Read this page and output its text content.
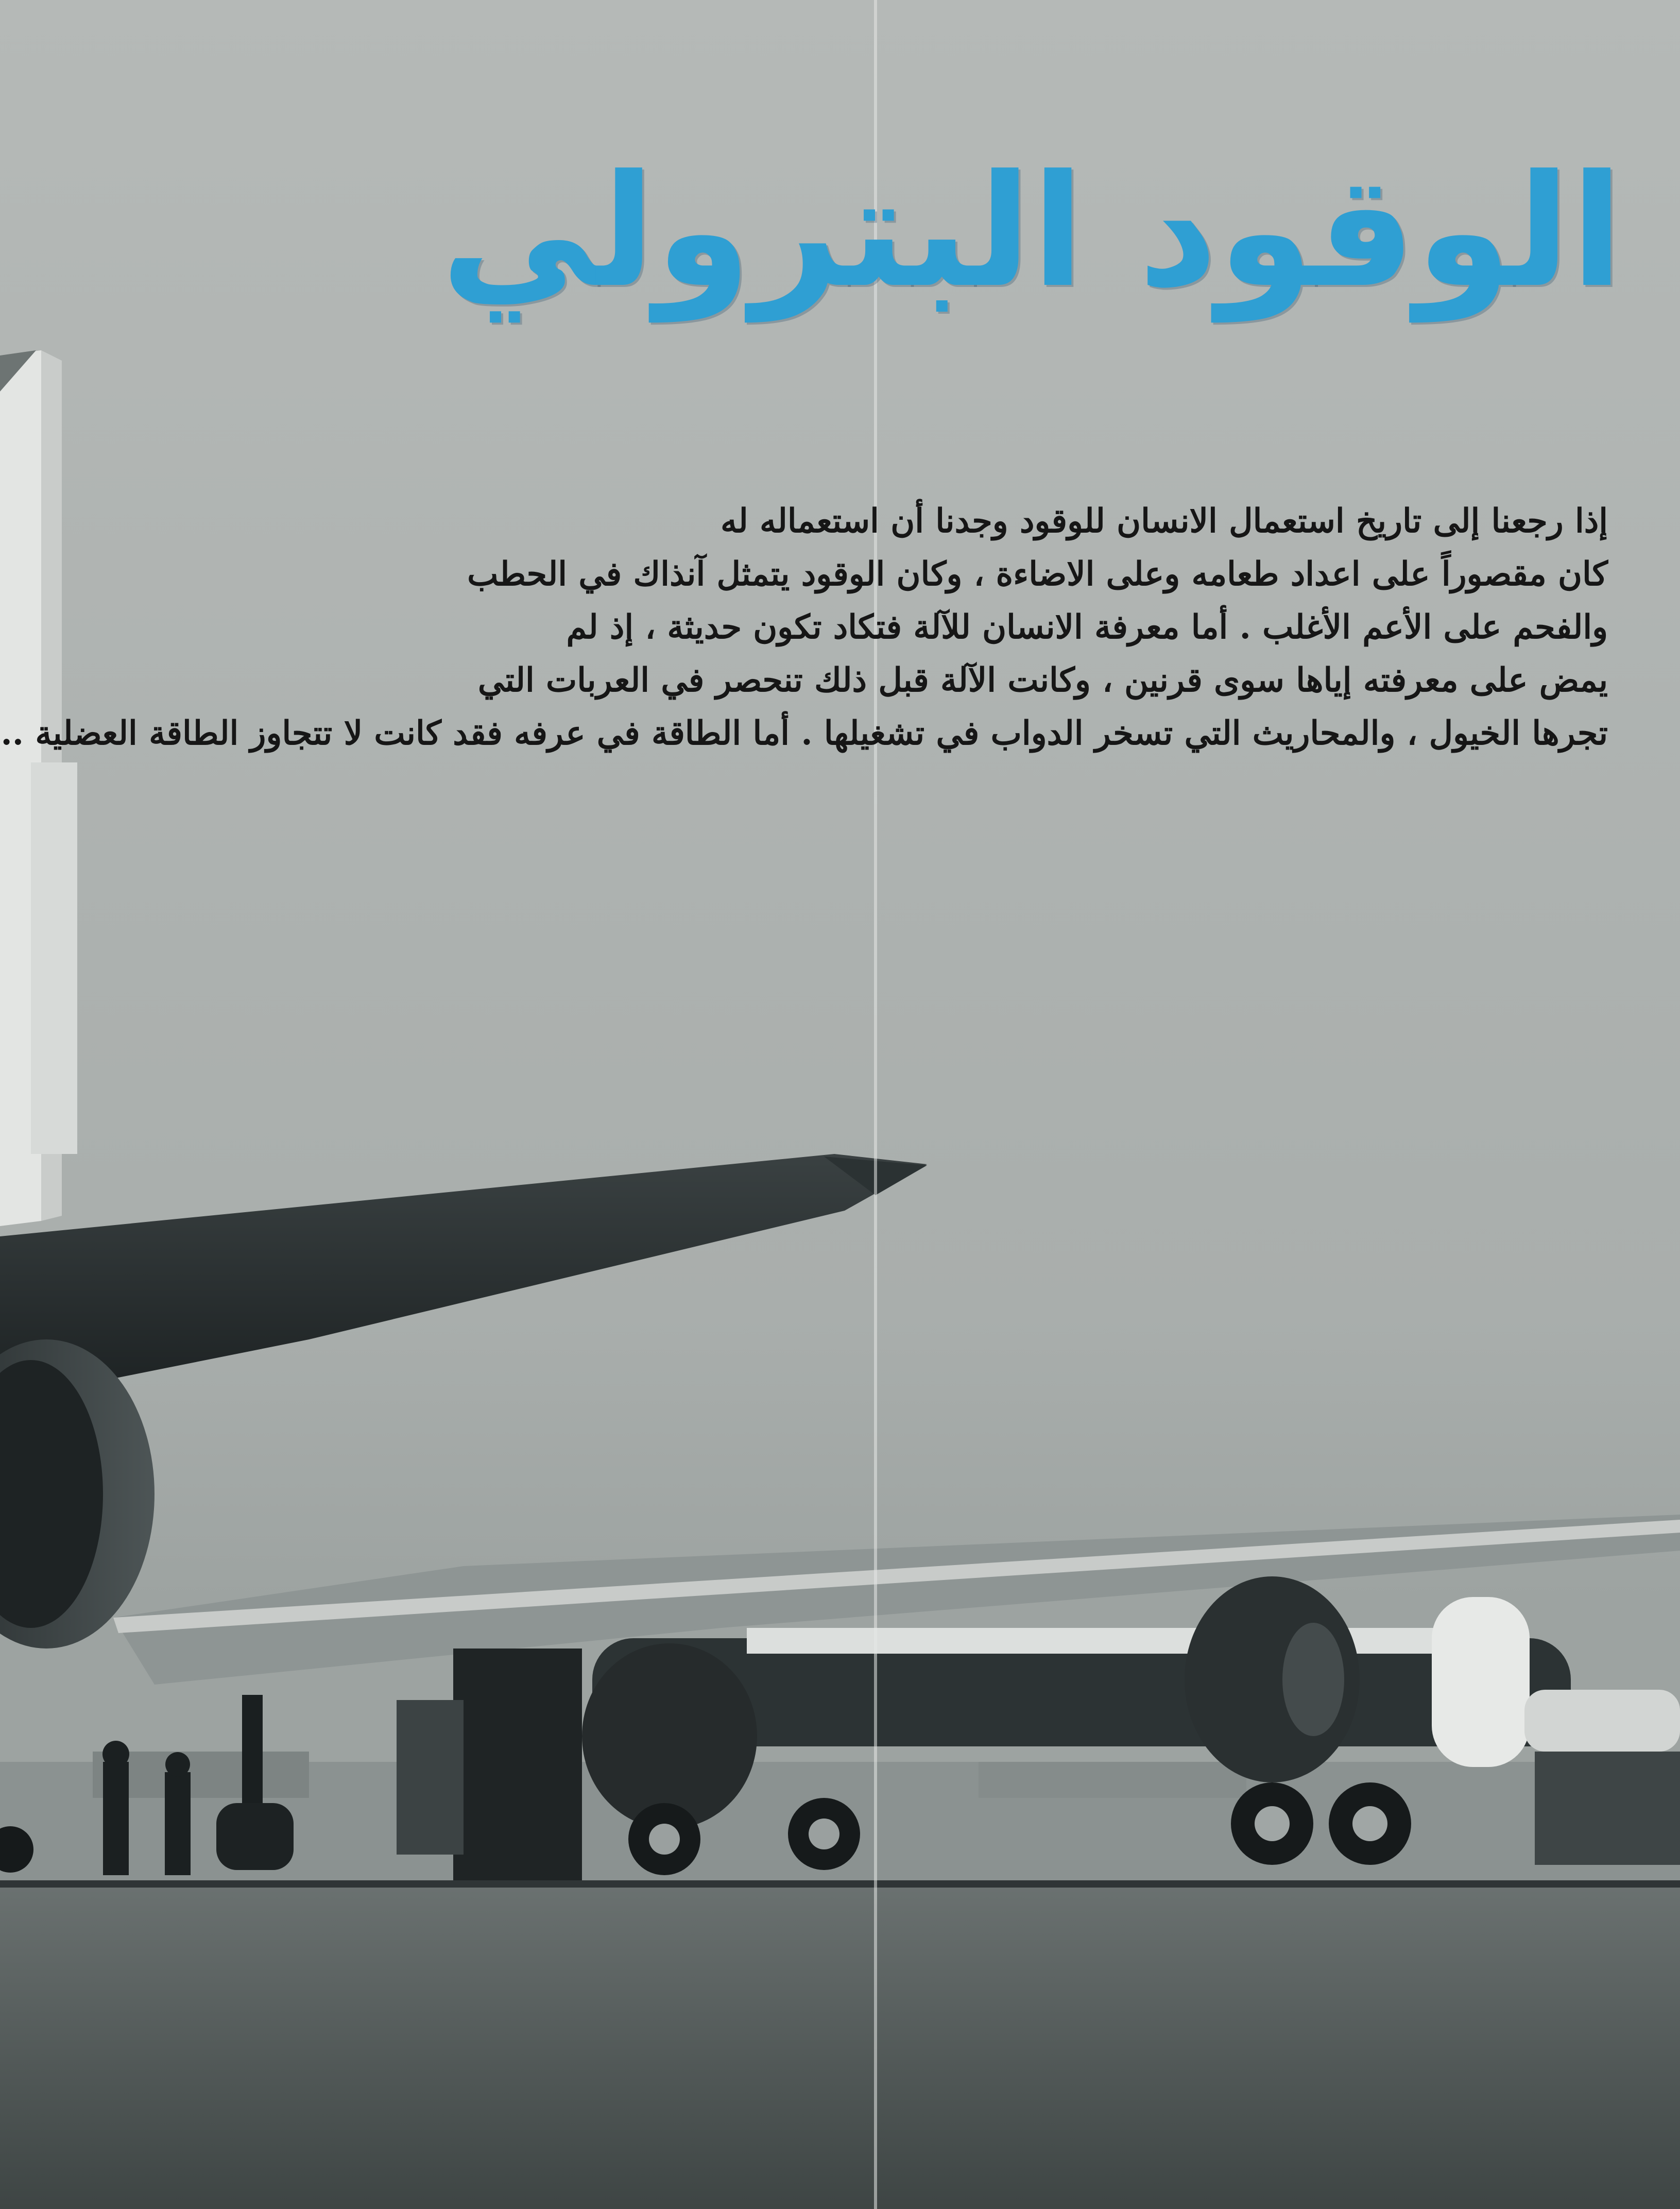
الوقود البترولي
إذا رجعنا إلى تاريخ استعمال الانسان للوقود وجدنا أن استعماله له
كان مقصوراً على اعداد طعامه وعلى الاضاءة ، وكان الوقود يتمثل آنذاك في الحطب
والفحم على الأعم الأغلب . أما معرفة الانسان للآلة فتكاد تكون حديثة ، إذ لم
يمض على معرفته إياها سوى قرنين ، وكانت الآلة قبل ذلك تنحصر في العربات التي
تجرها الخيول ، والمحاريث التي تسخر الدواب في تشغيلها . أما الطاقة في عرفه فقد كانت لا تتجاوز الطاقة العضلية ..
